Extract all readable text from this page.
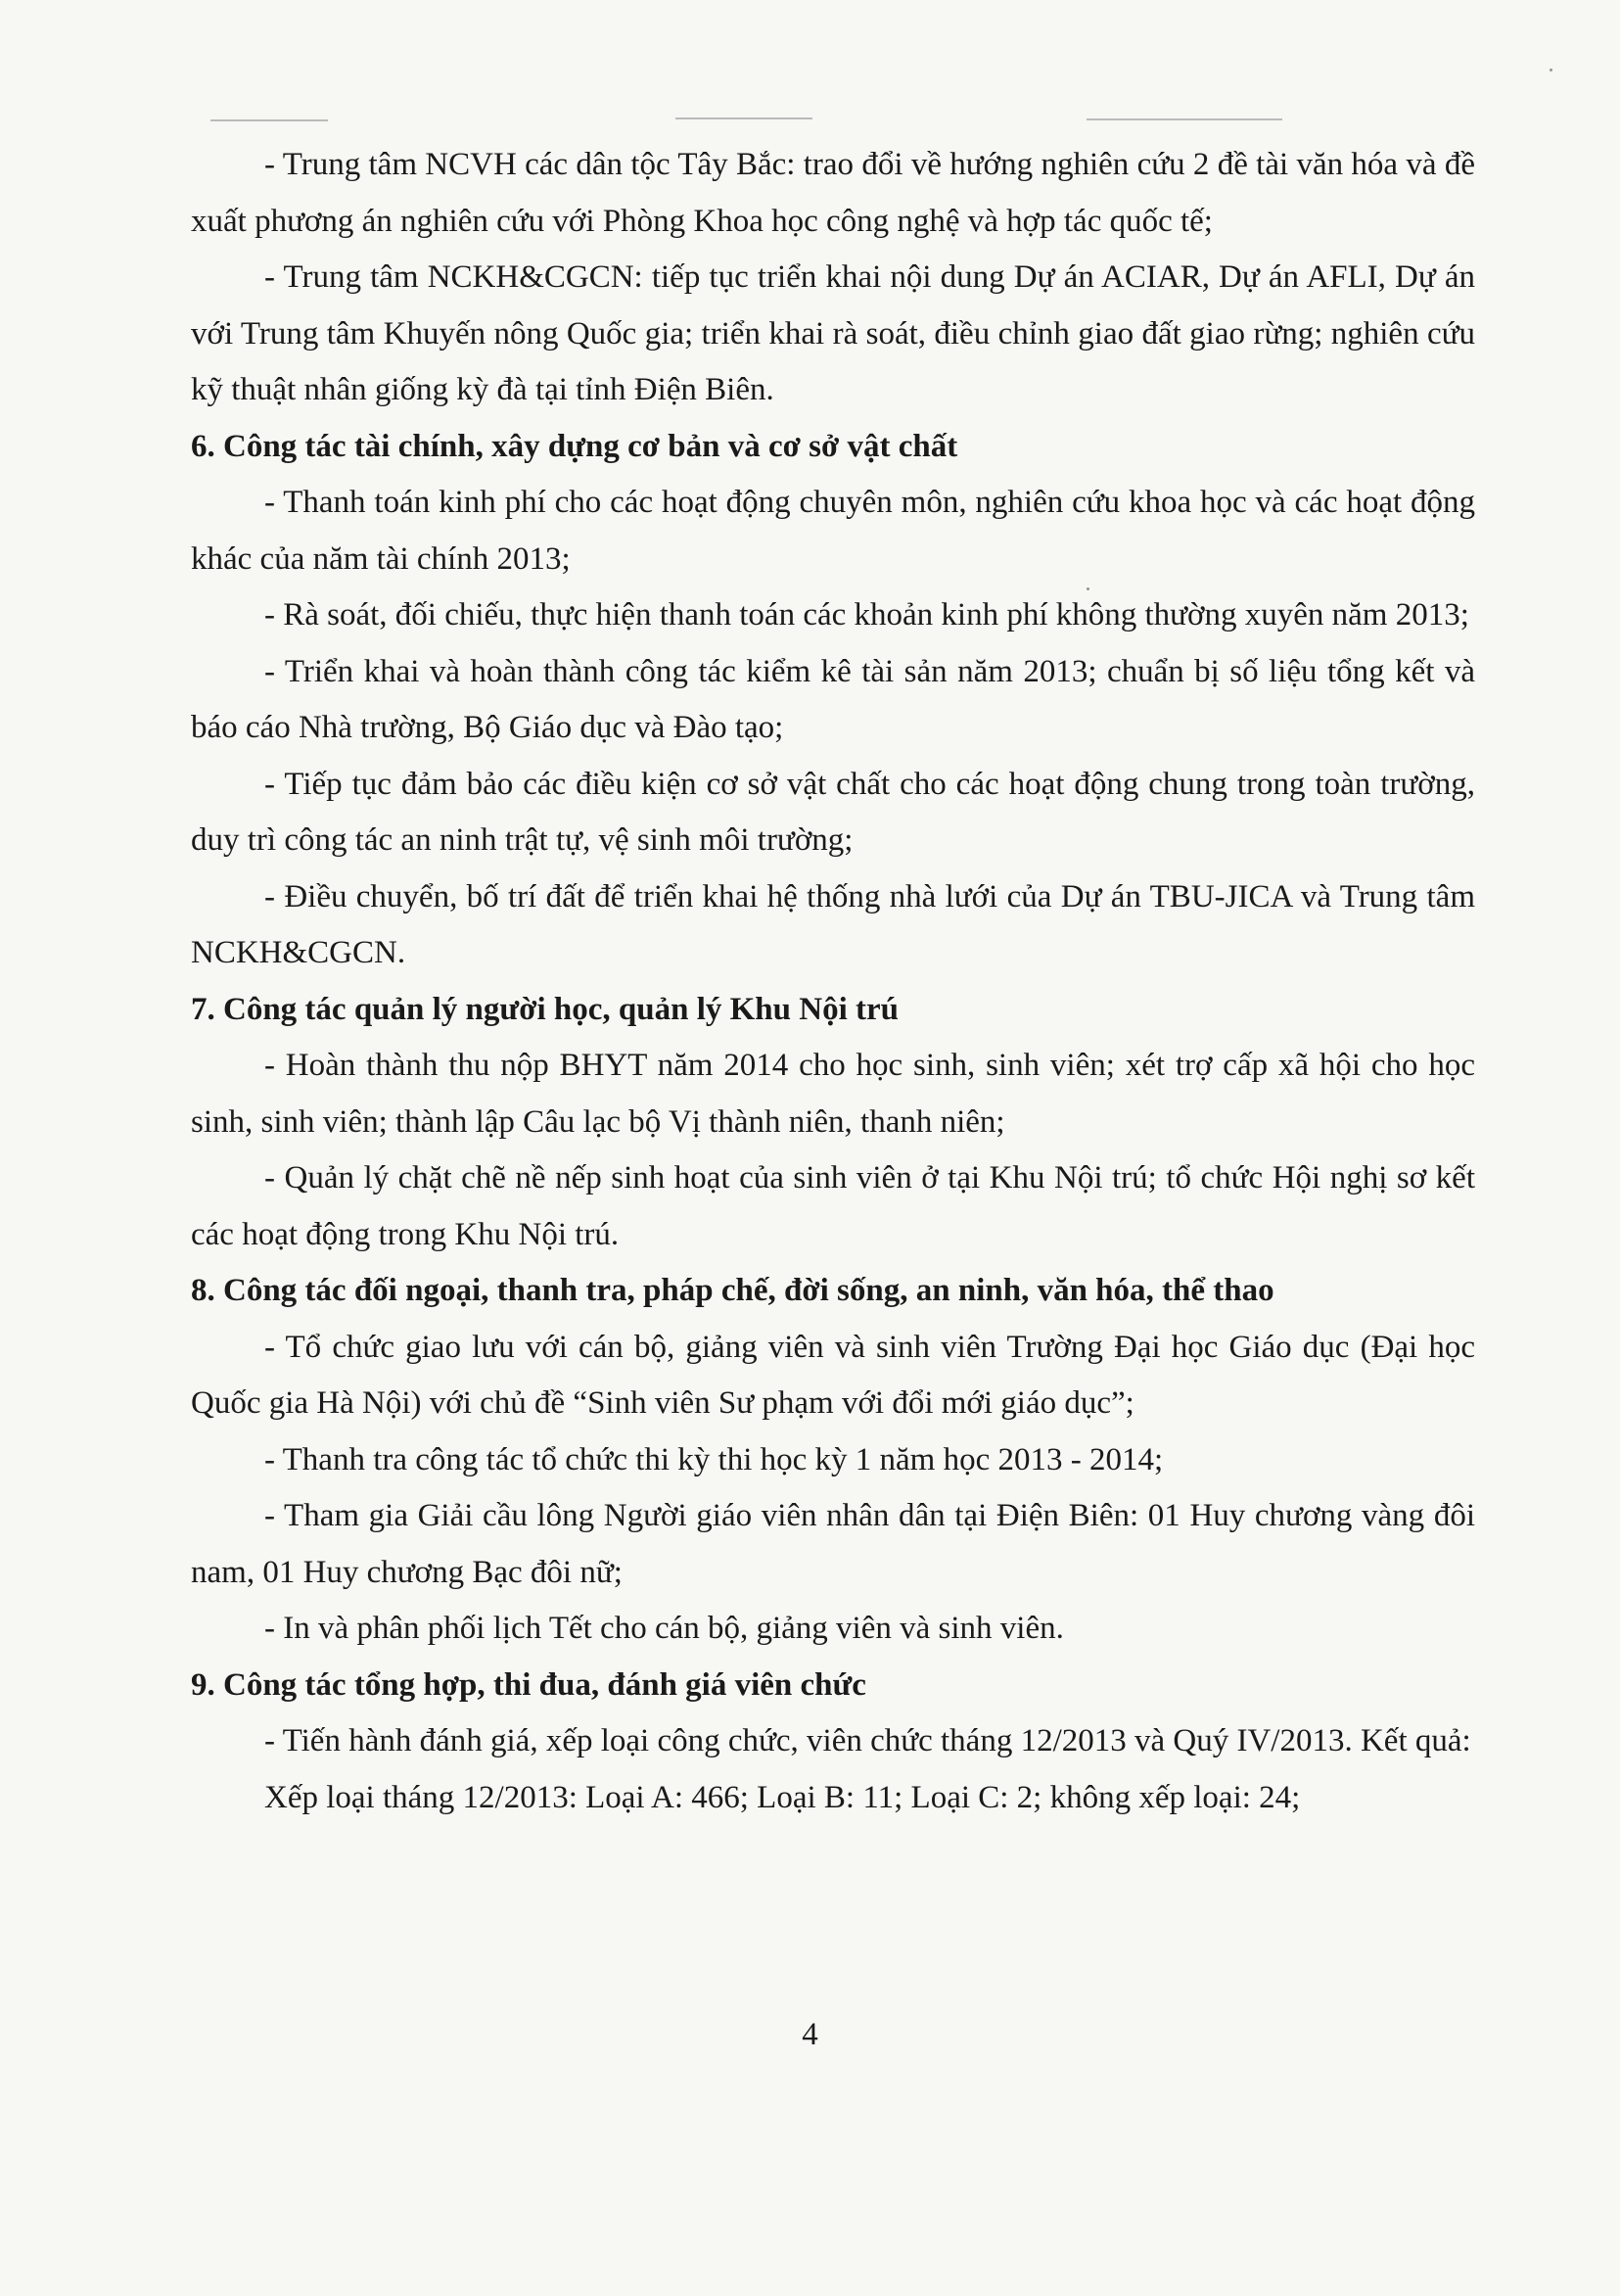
- Trung tâm NCVH các dân tộc Tây Bắc: trao đổi về hướng nghiên cứu 2 đề tài văn hóa và đề xuất phương án nghiên cứu với Phòng Khoa học công nghệ và hợp tác quốc tế;

- Trung tâm NCKH&CGCN: tiếp tục triển khai nội dung Dự án ACIAR, Dự án AFLI, Dự án với Trung tâm Khuyến nông Quốc gia; triển khai rà soát, điều chỉnh giao đất giao rừng; nghiên cứu kỹ thuật nhân giống kỳ đà tại tỉnh Điện Biên.

6. Công tác tài chính, xây dựng cơ bản và cơ sở vật chất

- Thanh toán kinh phí cho các hoạt động chuyên môn, nghiên cứu khoa học và các hoạt động khác của năm tài chính 2013;

- Rà soát, đối chiếu, thực hiện thanh toán các khoản kinh phí không thường xuyên năm 2013;

- Triển khai và hoàn thành công tác kiểm kê tài sản năm 2013; chuẩn bị số liệu tổng kết và báo cáo Nhà trường, Bộ Giáo dục và Đào tạo;

- Tiếp tục đảm bảo các điều kiện cơ sở vật chất cho các hoạt động chung trong toàn trường, duy trì công tác an ninh trật tự, vệ sinh môi trường;

- Điều chuyển, bố trí đất để triển khai hệ thống nhà lưới của Dự án TBU-JICA và Trung tâm NCKH&CGCN.

7. Công tác quản lý người học, quản lý Khu Nội trú

- Hoàn thành thu nộp BHYT năm 2014 cho học sinh, sinh viên; xét trợ cấp xã hội cho học sinh, sinh viên; thành lập Câu lạc bộ Vị thành niên, thanh niên;

- Quản lý chặt chẽ nề nếp sinh hoạt của sinh viên ở tại Khu Nội trú; tổ chức Hội nghị sơ kết các hoạt động trong Khu Nội trú.

8. Công tác đối ngoại, thanh tra, pháp chế, đời sống, an ninh, văn hóa, thể thao

- Tổ chức giao lưu với cán bộ, giảng viên và sinh viên Trường Đại học Giáo dục (Đại học Quốc gia Hà Nội) với chủ đề “Sinh viên Sư phạm với đổi mới giáo dục”;

- Thanh tra công tác tổ chức thi kỳ thi học kỳ 1 năm học 2013 - 2014;

- Tham gia Giải cầu lông Người giáo viên nhân dân tại Điện Biên: 01 Huy chương vàng đôi nam, 01 Huy chương Bạc đôi nữ;

- In và phân phối lịch Tết cho cán bộ, giảng viên và sinh viên.

9. Công tác tổng hợp, thi đua, đánh giá viên chức

- Tiến hành đánh giá, xếp loại công chức, viên chức tháng 12/2013 và Quý IV/2013. Kết quả:

Xếp loại tháng 12/2013: Loại A: 466; Loại B: 11; Loại C: 2; không xếp loại: 24;

4
